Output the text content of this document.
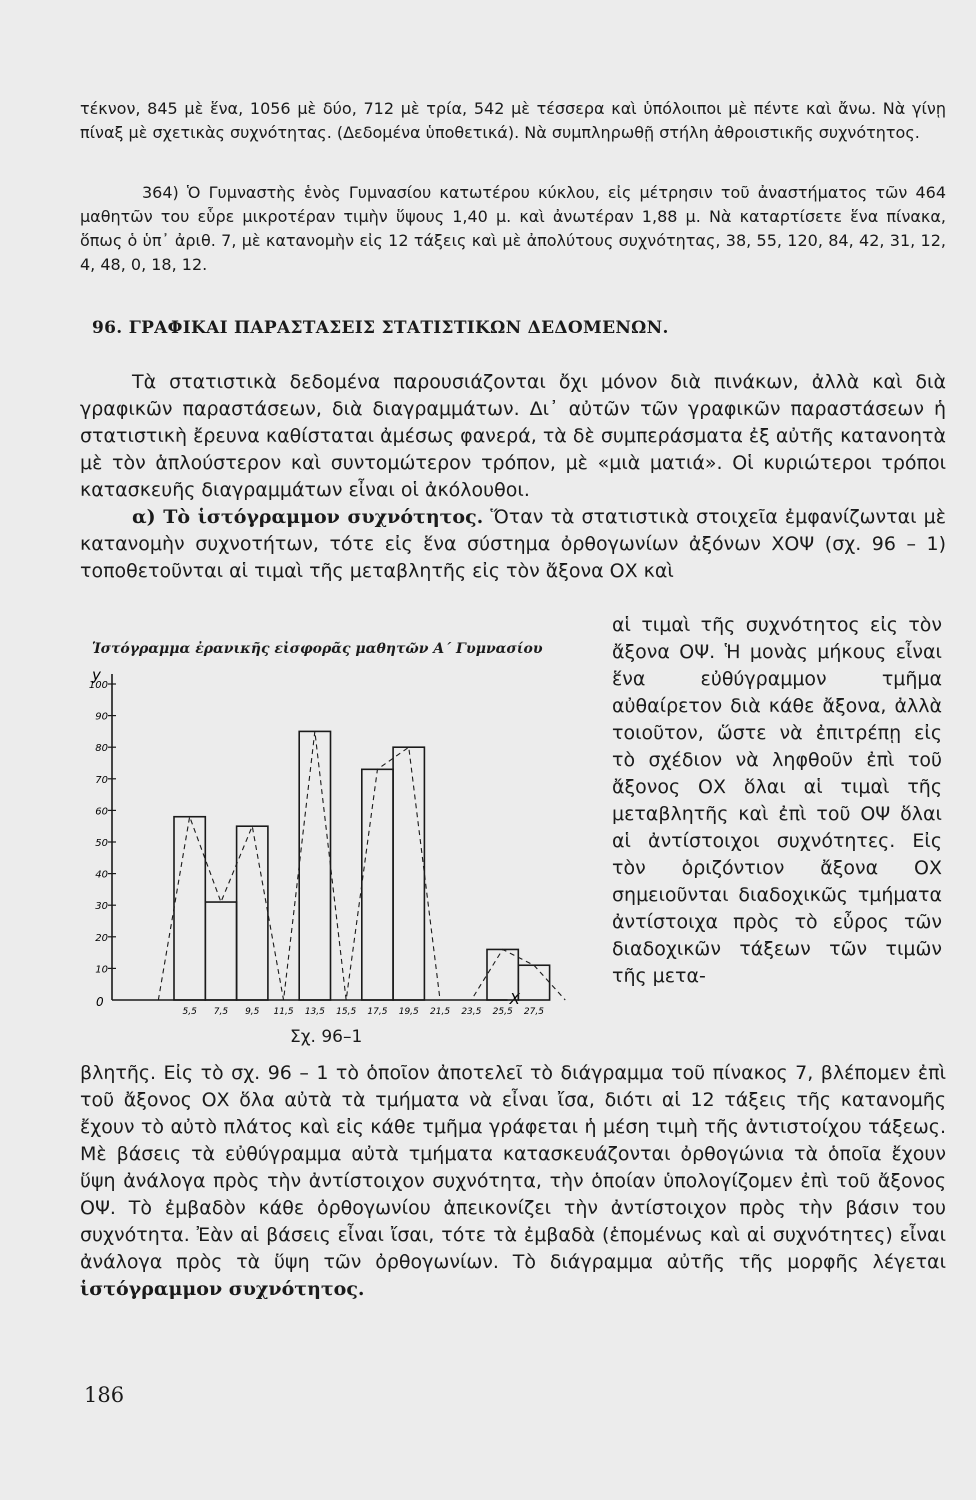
τέκνον, 845 μὲ ἕνα, 1056 μὲ δύο, 712 μὲ τρία, 542 μὲ τέσσερα καὶ ὑπόλοιποι μὲ πέντε καὶ ἄνω. Νὰ γίνῃ πίναξ μὲ σχετικὰς συχνότητας. (Δεδομένα ὑποθετικά). Νὰ συμπληρωθῇ στήλη ἀθροιστικῆς συχνότητος.
364) Ὁ Γυμναστὴς ἑνὸς Γυμνασίου κατωτέρου κύκλου, εἰς μέτρησιν τοῦ ἀναστήματος τῶν 464 μαθητῶν του εὗρε μικροτέραν τιμὴν ὕψους 1,40 μ. καὶ ἀνωτέραν 1,88 μ. Νὰ καταρτίσετε ἕνα πίνακα, ὅπως ὁ ὑπ᾿ ἀριθ. 7, μὲ κατανομὴν εἰς 12 τάξεις καὶ μὲ ἀπολύτους συχνότητας, 38, 55, 120, 84, 42, 31, 12, 4, 48, 0, 18, 12.
96. ΓΡΑΦΙΚΑΙ ΠΑΡΑΣΤΑΣΕΙΣ ΣΤΑΤΙΣΤΙΚΩΝ ΔΕΔΟΜΕΝΩΝ.

Τὰ στατιστικὰ δεδομένα παρουσιάζονται ὄχι μόνον διὰ πινάκων, ἀλλὰ καὶ διὰ γραφικῶν παραστάσεων, διὰ διαγραμμάτων. Δι᾿ αὐτῶν τῶν γραφικῶν παραστάσεων ἡ στατιστικὴ ἔρευνα καθίσταται ἀμέσως φανερά, τὰ δὲ συμπεράσματα ἐξ αὐτῆς κατανοητὰ μὲ τὸν ἁπλούστερον καὶ συντομώτερον τρόπον, μὲ «μιὰ ματιά». Οἱ κυριώτεροι τρόποι κατασκευῆς διαγραμμάτων εἶναι οἱ ἀκόλουθοι.

α) Τὸ ἱστόγραμμον συχνότητος. Ὅταν τὰ στατιστικὰ στοιχεῖα ἐμφανίζωνται μὲ κατανομὴν συχνοτήτων, τότε εἰς ἕνα σύστημα ὀρθογωνίων ἀξόνων ΧΟΨ (σχ. 96 – 1) τοποθετοῦνται αἱ τιμαὶ τῆς μεταβλητῆς εἰς τὸν ἄξονα ΟΧ καὶ

Ἱστόγραμμα ἐρανικῆς εἰσφορᾶς μαθητῶν Α΄ Γυμνασίου
y
X
0
10
20
30
40
50
60
70
80
90
100
5,5 7,5 9,5 11,5 13,5 15,5 17,5 19,5 21,5 23,5 25,5 27,5
Σχ. 96–1
αἱ τιμαὶ τῆς συχνότητος εἰς τὸν ἄξονα ΟΨ. Ἡ μονὰς μήκους εἶναι ἕνα εὐθύγραμμον τμῆμα αὐθαίρετον διὰ κάθε ἄξονα, ἀλλὰ τοιοῦτον, ὥστε νὰ ἐπιτρέπῃ εἰς τὸ σχέδιον νὰ ληφθοῦν ἐπὶ τοῦ ἄξονος ΟΧ ὅλαι αἱ τιμαὶ τῆς μεταβλητῆς καὶ ἐπὶ τοῦ ΟΨ ὅλαι αἱ ἀντίστοιχοι συχνότητες. Εἰς τὸν ὁριζόντιον ἄξονα ΟΧ σημειοῦνται διαδοχικῶς τμήματα ἀντίστοιχα πρὸς τὸ εὖρος τῶν διαδοχικῶν τάξεων τῶν τιμῶν τῆς μετα-

βλητῆς. Εἰς τὸ σχ. 96 – 1 τὸ ὁποῖον ἀποτελεῖ τὸ διάγραμμα τοῦ πίνακος 7, βλέπομεν ἐπὶ τοῦ ἄξονος ΟΧ ὅλα αὐτὰ τὰ τμήματα νὰ εἶναι ἴσα, διότι αἱ 12 τάξεις τῆς κατανομῆς ἔχουν τὸ αὐτὸ πλάτος καὶ εἰς κάθε τμῆμα γράφεται ἡ μέση τιμὴ τῆς ἀντιστοίχου τάξεως. Μὲ βάσεις τὰ εὐθύγραμμα αὐτὰ τμήματα κατασκευάζονται ὀρθογώνια τὰ ὁποῖα ἔχουν ὕψη ἀνάλογα πρὸς τὴν ἀντίστοιχον συχνότητα, τὴν ὁποίαν ὑπολογίζομεν ἐπὶ τοῦ ἄξονος ΟΨ. Τὸ ἐμβαδὸν κάθε ὀρθογωνίου ἀπεικονίζει τὴν ἀντίστοιχον πρὸς τὴν βάσιν του συχνότητα. Ἐὰν αἱ βάσεις εἶναι ἴσαι, τότε τὰ ἐμβαδὰ (ἑπομένως καὶ αἱ συχνότητες) εἶναι ἀνάλογα πρὸς τὰ ὕψη τῶν ὀρθογωνίων. Τὸ διάγραμμα αὐτῆς τῆς μορφῆς λέγεται ἱστόγραμμον συχνότητος.

186
